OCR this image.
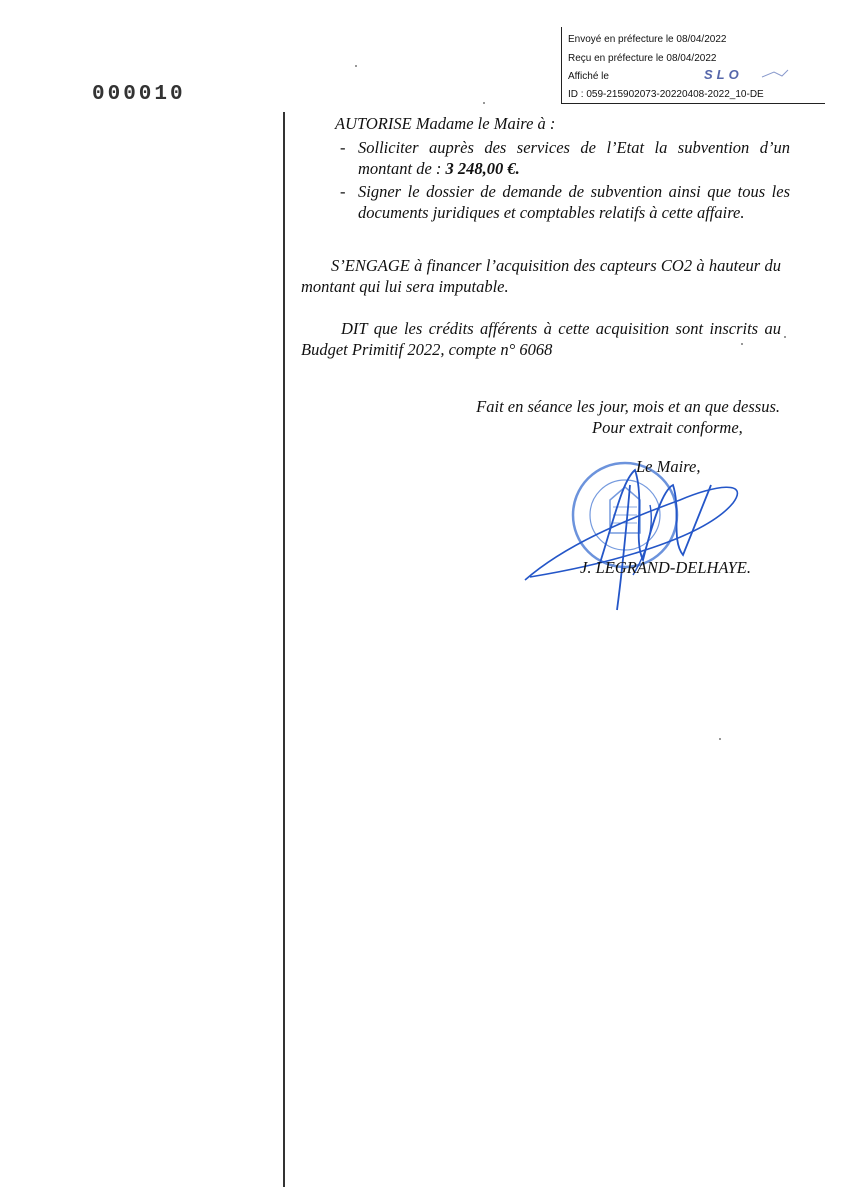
Envoyé en préfecture le 08/04/2022
Reçu en préfecture le 08/04/2022
Affiché le	SLO
ID : 059-215902073-20220408-2022_10-DE
000010
AUTORISE Madame le Maire à :
- Solliciter auprès des services de l’Etat la subvention d’un montant de : 3 248,00 €.
- Signer le dossier de demande de subvention ainsi que tous les documents juridiques et comptables relatifs à cette affaire.
S’ENGAGE à financer l’acquisition des capteurs CO2 à hauteur du montant qui lui sera imputable.
DIT que les crédits afférents à cette acquisition sont inscrits au Budget Primitif 2022, compte n° 6068
Fait en séance les jour, mois et an que dessus.
Pour extrait conforme,
Le Maire,
J. LEGRAND-DELHAYE.
